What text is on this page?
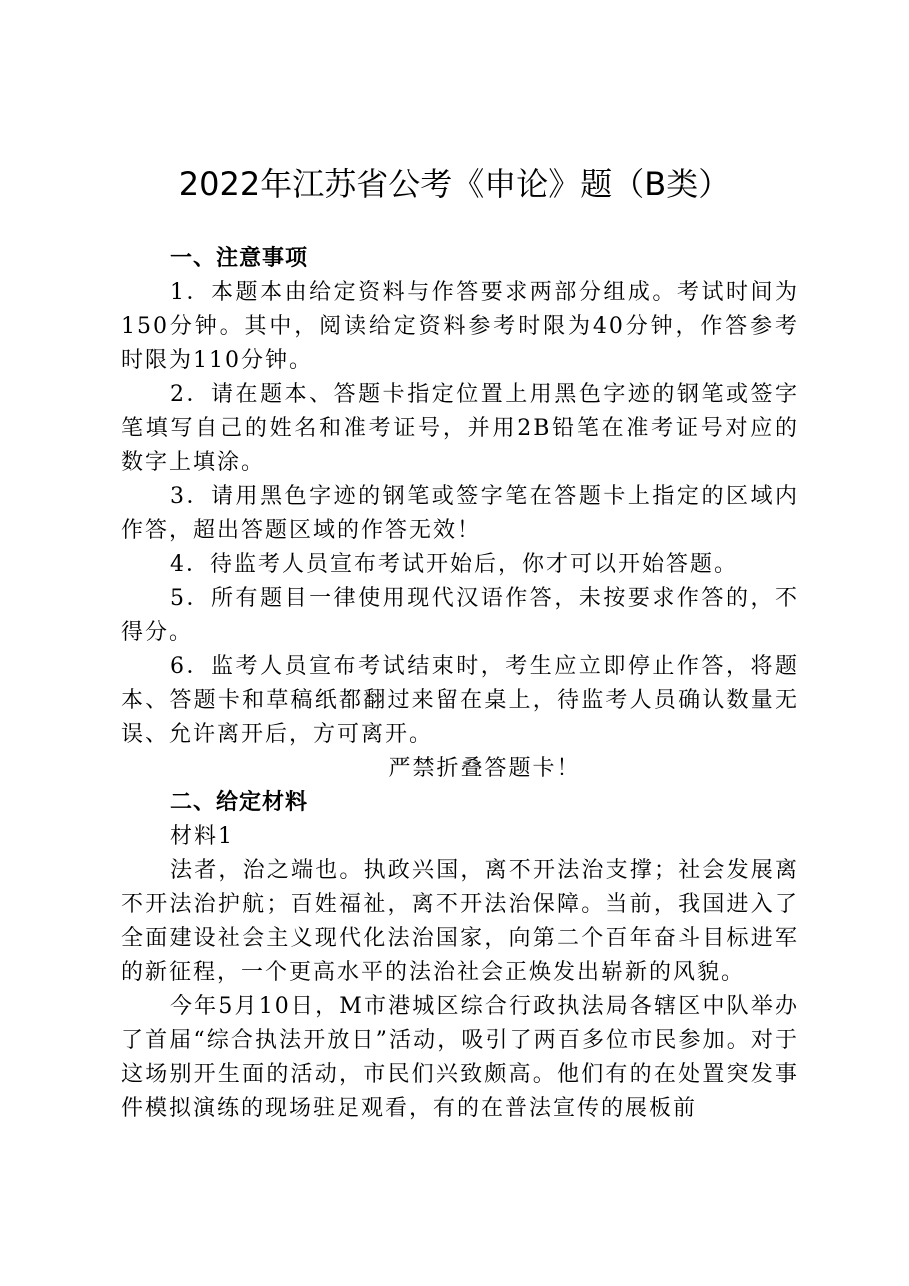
2022年江苏省公考《申论》题（B类）
一、注意事项

1．本题本由给定资料与作答要求两部分组成。考试时间为150分钟。其中，阅读给定资料参考时限为40分钟，作答参考时限为110分钟。

2．请在题本、答题卡指定位置上用黑色字迹的钢笔或签字笔填写自己的姓名和准考证号，并用2B铅笔在准考证号对应的数字上填涂。

3．请用黑色字迹的钢笔或签字笔在答题卡上指定的区域内作答，超出答题区域的作答无效！

4．待监考人员宣布考试开始后，你才可以开始答题。

5．所有题目一律使用现代汉语作答，未按要求作答的，不得分。

6．监考人员宣布考试结束时，考生应立即停止作答，将题本、答题卡和草稿纸都翻过来留在桌上，待监考人员确认数量无误、允许离开后，方可离开。

严禁折叠答题卡！

二、给定材料

材料1

法者，治之端也。执政兴国，离不开法治支撑；社会发展离不开法治护航；百姓福祉，离不开法治保障。当前，我国进入了全面建设社会主义现代化法治国家，向第二个百年奋斗目标进军的新征程，一个更高水平的法治社会正焕发出崭新的风貌。

今年5月10日，M市港城区综合行政执法局各辖区中队举办了首届“综合执法开放日”活动，吸引了两百多位市民参加。对于这场别开生面的活动，市民们兴致颇高。他们有的在处置突发事件模拟演练的现场驻足观看，有的在普法宣传的展板前
